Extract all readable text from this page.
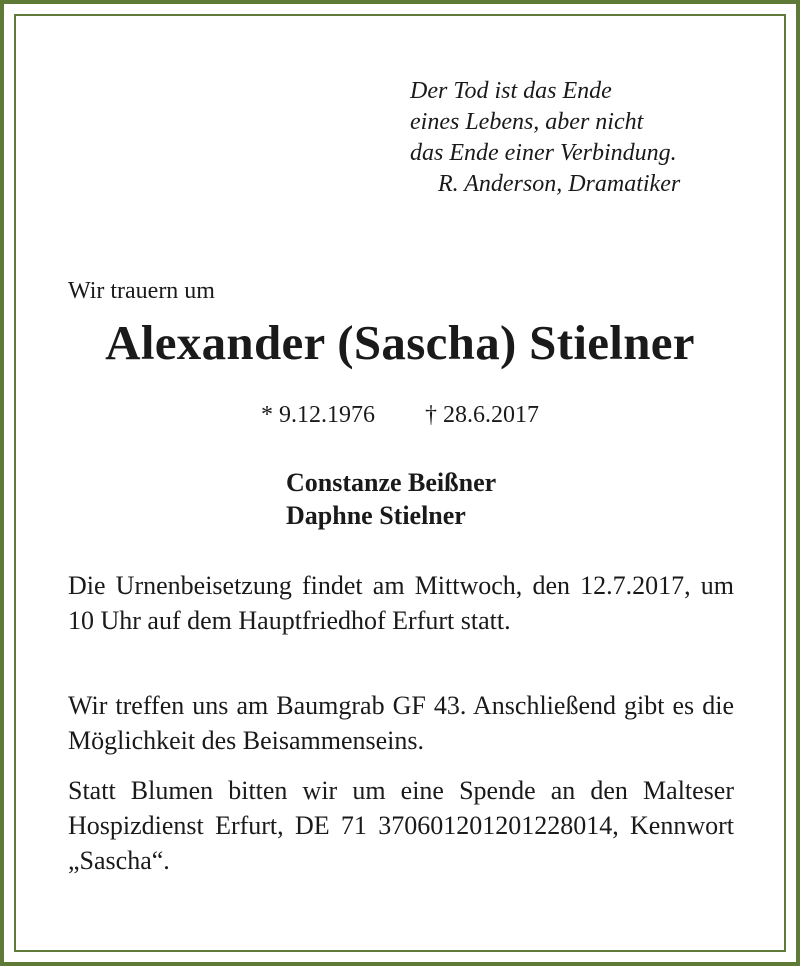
Der Tod ist das Ende
eines Lebens, aber nicht
das Ende einer Verbindung.
R. Anderson, Dramatiker
Wir trauern um
Alexander (Sascha) Stielner
* 9.12.1976 † 28.6.2017
Constanze Beißner
Daphne Stielner

Die Urnenbeisetzung findet am Mittwoch, den 12.7.2017, um 10 Uhr auf dem Hauptfriedhof Erfurt statt.

Wir treffen uns am Baumgrab GF 43. Anschließend gibt es die Möglichkeit des Beisammenseins.

Statt Blumen bitten wir um eine Spende an den Malteser Hospizdienst Erfurt, DE 71 370601201201228014, Kennwort „Sascha“.
